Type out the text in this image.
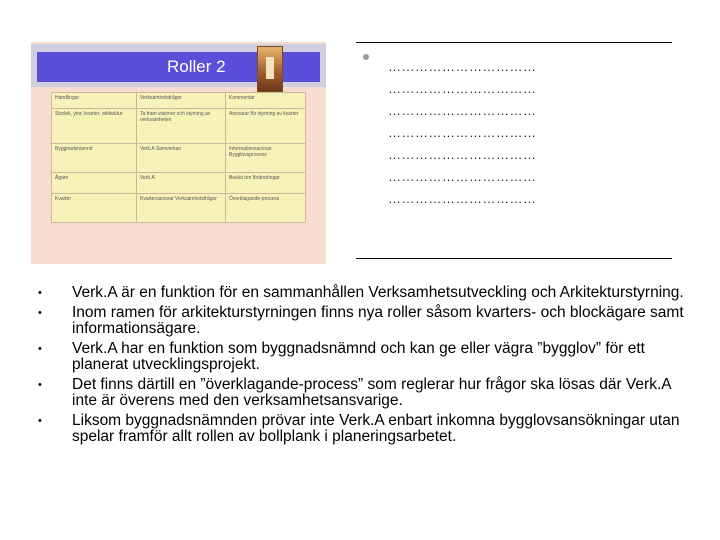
Roller 2
Handlingar	Verksamhetsfrågor	Kommentar
Storlek, ytor, kvarter, arkitektur	Ta fram visioner och styrning av verksamheten	Ansvarar för styrning av kvarter
Byggnadsnämnd	Verk.A Samverkan	Informationsansvar Bygglovsprocess
Ägare	Verk.A	Beslut om förändringar
Kvarter	Kvartersansvar Verksamhetsfrågor	Överklagande-process
……………………………
……………………………
……………………………
……………………………
……………………………
……………………………
……………………………
• Verk.A är en funktion för en sammanhållen Verksamhetsutveckling och Arkitekturstyrning.
• Inom ramen för arkitekturstyrningen finns nya roller såsom kvarters- och blockägare samt informationsägare.
• Verk.A har en funktion som byggnadsnämnd och kan ge eller vägra ”bygglov” för ett planerat utvecklingsprojekt.
• Det finns därtill en ”överklagande-process” som reglerar hur frågor ska lösas där Verk.A inte är överens med den verksamhetsansvarige.
• Liksom byggnadsnämnden prövar inte Verk.A enbart inkomna bygglovsansökningar utan spelar framför allt rollen av bollplank i planeringsarbetet.
